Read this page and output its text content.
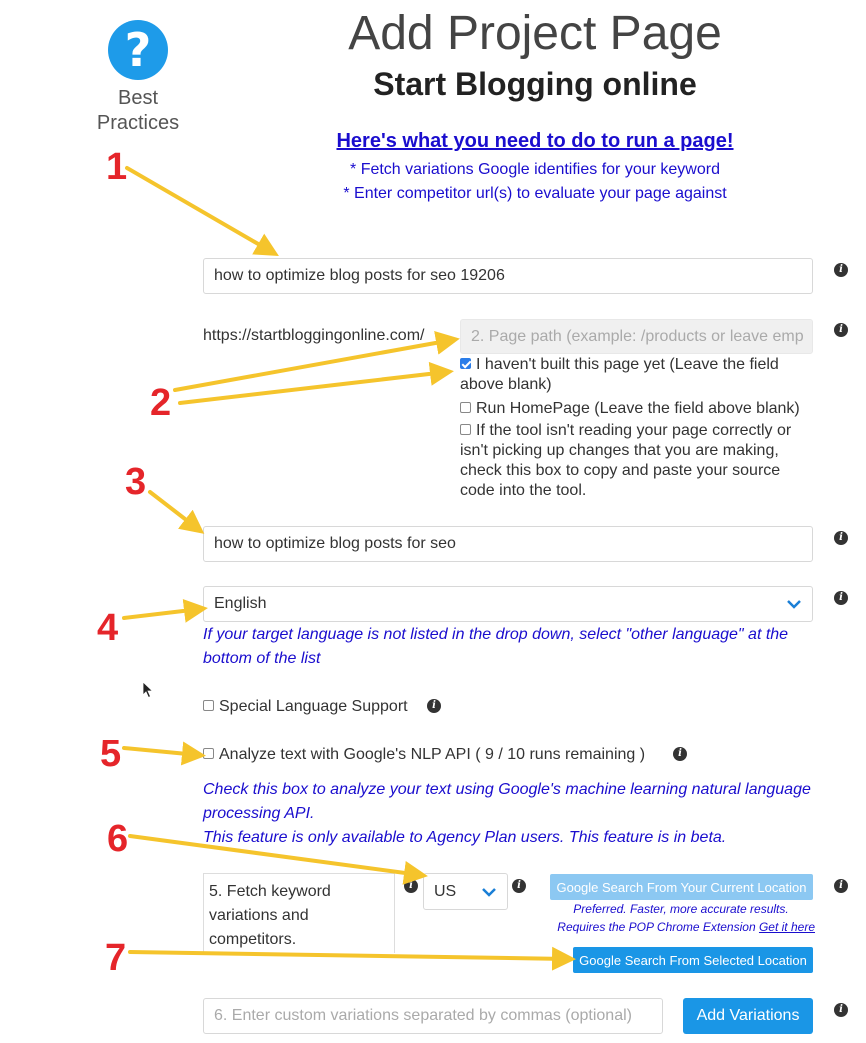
?
Best Practices
Add Project Page
Start Blogging online
Here's what you need to do to run a page!
* Fetch variations Google identifies for your keyword
* Enter competitor url(s) to evaluate your page against
how to optimize blog posts for seo 19206	i
https://startbloggingonline.com/	2. Page path (example: /products or leave emp	i
I haven't built this page yet (Leave the field above blank)
Run HomePage (Leave the field above blank)
If the tool isn't reading your page correctly or isn't picking up changes that you are making, check this box to copy and paste your source code into the tool.
how to optimize blog posts for seo	i
English	i
If your target language is not listed in the drop down, select "other language" at the bottom of the list
Special Language Support	i
Analyze text with Google's NLP API ( 9 / 10 runs remaining )	i
Check this box to analyze your text using Google's machine learning natural language processing API.
This feature is only available to Agency Plan users. This feature is in beta.
5. Fetch keyword variations and competitors.
i	US	i	Google Search From Your Current Location	i
Preferred. Faster, more accurate results.
Requires the POP Chrome Extension Get it here
Google Search From Selected Location
6. Enter custom variations separated by commas (optional)	Add Variations	i
1
2
3
4
5
6
7
